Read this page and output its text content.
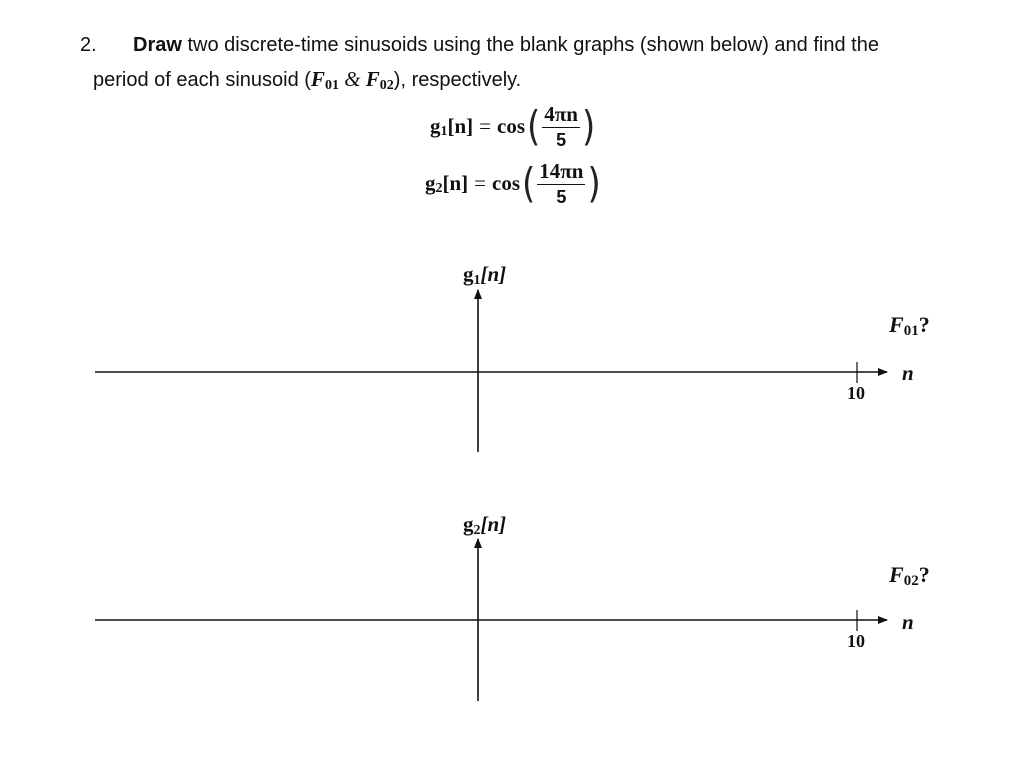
2. Draw two discrete-time sinusoids using the blank graphs (shown below) and find the
period of each sinusoid (F01 & F02), respectively.
g 1 [n] = cos ( $\frac{4\pi n}{5}$ )
g 2 [n] = cos ( $\frac{14\pi n}{5}$ )
g1[n]
F01?
n
10
g2[n]
F02?
n
10
